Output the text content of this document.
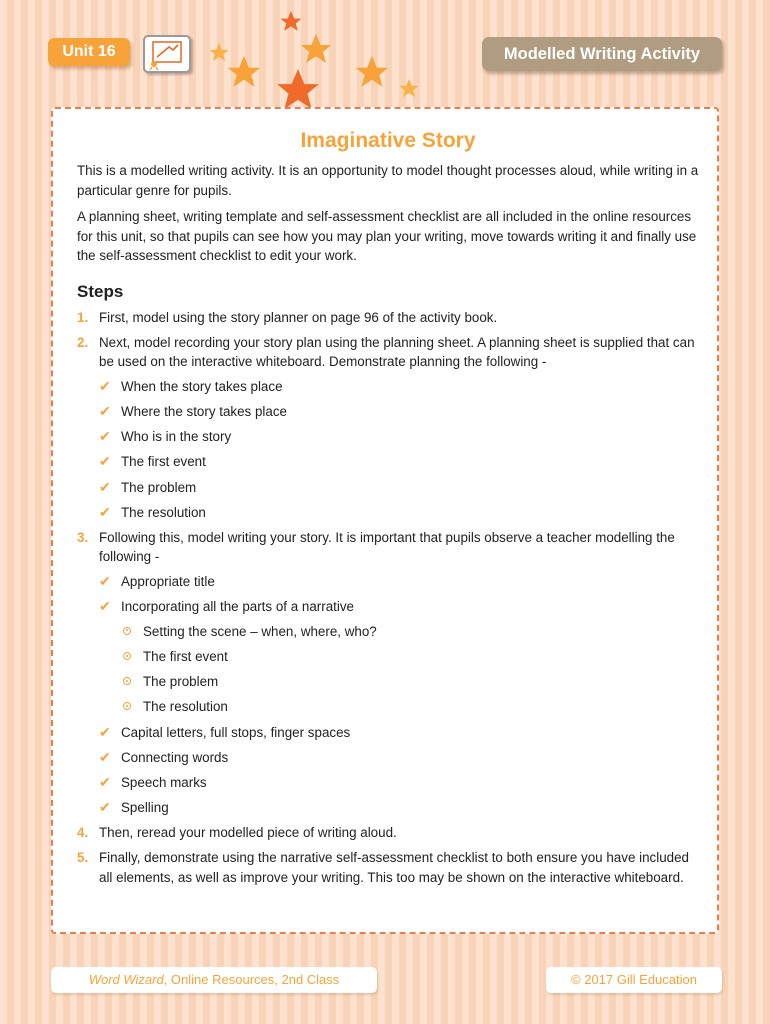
Unit 16	Modelled Writing Activity
Imaginative Story

This is a modelled writing activity. It is an opportunity to model thought processes aloud, while writing in a particular genre for pupils.

A planning sheet, writing template and self-assessment checklist are all included in the online resources for this unit, so that pupils can see how you may plan your writing, move towards writing it and finally use the self-assessment checklist to edit your work.

Steps
1. First, model using the story planner on page 96 of the activity book.
2. Next, model recording your story plan using the planning sheet. A planning sheet is supplied that can be used on the interactive whiteboard. Demonstrate planning the following -
✔ When the story takes place
✔ Where the story takes place
✔ Who is in the story
✔ The first event
✔ The problem
✔ The resolution
3. Following this, model writing your story. It is important that pupils observe a teacher modelling the following -
✔ Appropriate title
✔ Incorporating all the parts of a narrative
Setting the scene – when, where, who?
The first event
The problem
The resolution
✔ Capital letters, full stops, finger spaces
✔ Connecting words
✔ Speech marks
✔ Spelling
4. Then, reread your modelled piece of writing aloud.
5. Finally, demonstrate using the narrative self-assessment checklist to both ensure you have included all elements, as well as improve your writing. This too may be shown on the interactive whiteboard.
Word Wizard, Online Resources, 2nd Class	© 2017 Gill Education
